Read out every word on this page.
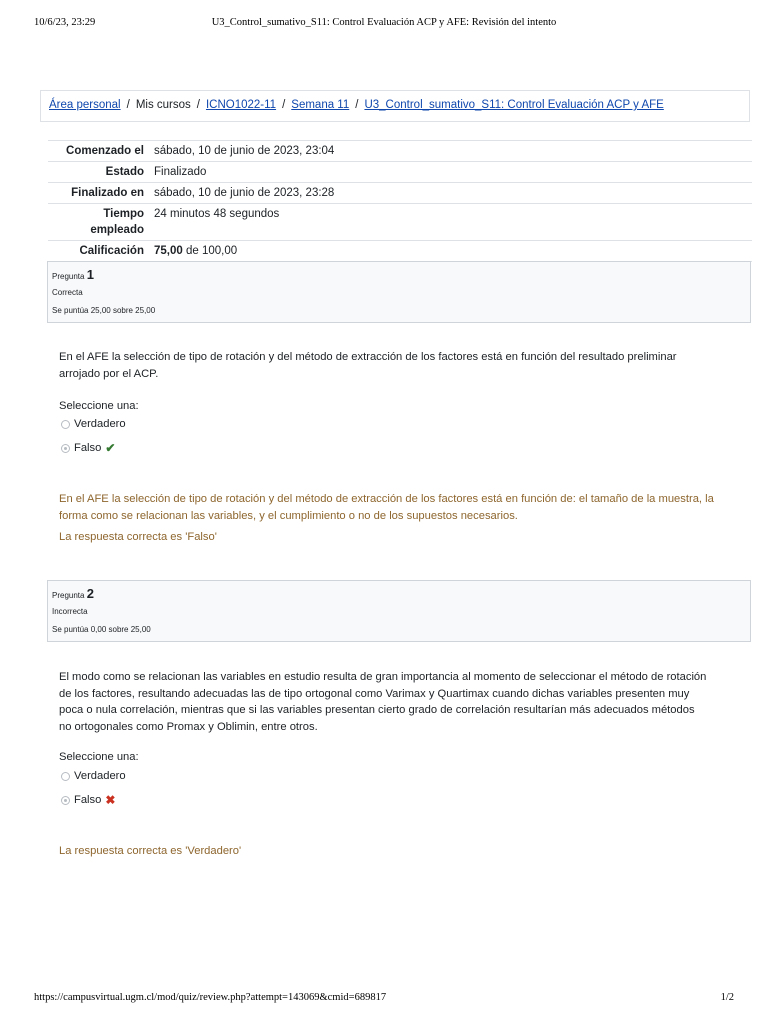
10/6/23, 23:29	U3_Control_sumativo_S11: Control Evaluación ACP y AFE: Revisión del intento
Área personal / Mis cursos / ICNO1022-11 / Semana 11 / U3_Control_sumativo_S11: Control Evaluación ACP y AFE
Comenzado el	sábado, 10 de junio de 2023, 23:04
Estado	Finalizado
Finalizado en	sábado, 10 de junio de 2023, 23:28
Tiempo empleado	24 minutos 48 segundos
Calificación	75,00 de 100,00
Pregunta 1
Correcta
Se puntúa 25,00 sobre 25,00
En el AFE la selección de tipo de rotación y del método de extracción de los factores está en función del resultado preliminar arrojado por el ACP.
Seleccione una:
Verdadero
Falso ✔
En el AFE la selección de tipo de rotación y del método de extracción de los factores está en función de: el tamaño de la muestra, la forma como se relacionan las variables, y el cumplimiento o no de los supuestos necesarios.
La respuesta correcta es 'Falso'
Pregunta 2
Incorrecta
Se puntúa 0,00 sobre 25,00
El modo como se relacionan las variables en estudio resulta de gran importancia al momento de seleccionar el método de rotación de los factores, resultando adecuadas las de tipo ortogonal como Varimax y Quartimax cuando dichas variables presenten muy poca o nula correlación, mientras que si las variables presentan cierto grado de correlación resultarían más adecuados métodos no ortogonales como Promax y Oblimin, entre otros.
Seleccione una:
Verdadero
Falso ✖
La respuesta correcta es 'Verdadero'
https://campusvirtual.ugm.cl/mod/quiz/review.php?attempt=143069&cmid=689817	1/2
